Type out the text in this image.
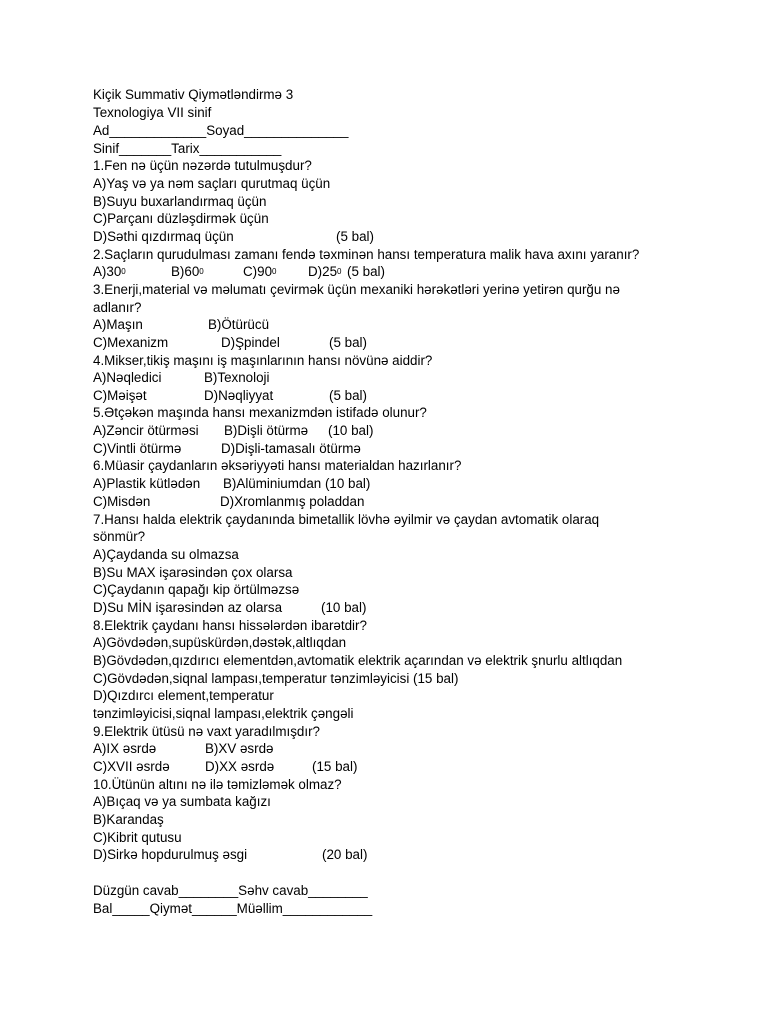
Kiçik Summativ Qiymətləndirmə 3
Texnologiya VII sinif
Ad_____________Soyad______________
Sinif_______Tarix___________
1.Fen nə üçün nəzərdə tutulmuşdur?
A)Yaş və ya nəm saçları qurutmaq üçün
B)Suyu buxarlandırmaq üçün
C)Parçanı düzləşdirmək üçün

D)Səthi qızdırmaq üçün

	(5 bal)

2.Saçların qurudulması zamanı fendə təxminən hansı temperatura malik hava axını yaranır?

$A)30^0$

	$B)60^0$

	$C)90^0$

$D)25^0$

(5 bal)

3.Enerji,material və məlumatı çevirmək üçün mexaniki hərəkətləri yerinə yetirən qurğu nə
adlanır?

A)Maşın

	B)Ötürücü

C)Mexanizm

	D)Şpindel

	(5 bal)

4.Mikser,tikiş maşını iş maşınlarının hansı növünə aiddir?

A)Nəqledici

	B)Texnoloji

C)Məişət

	D)Nəqliyyat

	(5 bal)

5.Ətçəkən maşında hansı mexanizmdən istifadə olunur?

A)Zəncir ötürməsi

B)Dişli ötürmə

(10 bal)

C)Vintli ötürmə

	D)Dişli-tamasalı ötürmə

6.Müasir çaydanların əksəriyyəti hansı materialdan hazırlanır?

A)Plastik kütlədən

B)Alüminiumdan (10 bal)

C)Misdən

	D)Xromlanmış poladdan

7.Hansı halda elektrik çaydanında bimetallik lövhə əyilmir və çaydan avtomatik olaraq
sönmür?
A)Çaydanda su olmazsa
B)Su MAX işarəsindən çox olarsa
C)Çaydanın qapağı kip örtülməzsə

D)Su MİN işarəsindən az olarsa

	(10 bal)

8.Elektrik çaydanı hansı hissələrdən ibarətdir?
A)Gövdədən,supüskürdən,dəstək,altlıqdan
B)Gövdədən,qızdırıcı elementdən,avtomatik elektrik açarından və elektrik şnurlu altlıqdan
C)Gövdədən,siqnal lampası,temperatur tənzimləyicisi (15 bal)
D)Qızdırcı element,temperatur
tənzimləyicisi,siqnal lampası,elektrik çəngəli
9.Elektrik ütüsü nə vaxt yaradılmışdır?

A)IX əsrdə

	B)XV əsrdə

C)XVII əsrdə

	D)XX əsrdə

	(15 bal)

10.Ütünün altını nə ilə təmizləmək olmaz?
A)Bıçaq və ya sumbata kağızı
B)Karandaş
C)Kibrit qutusu

D)Sirkə hopdurulmuş əsgi

	(20 bal)

Düzgün cavab________Səhv cavab________
Bal_____Qiymət______Müəllim____________
